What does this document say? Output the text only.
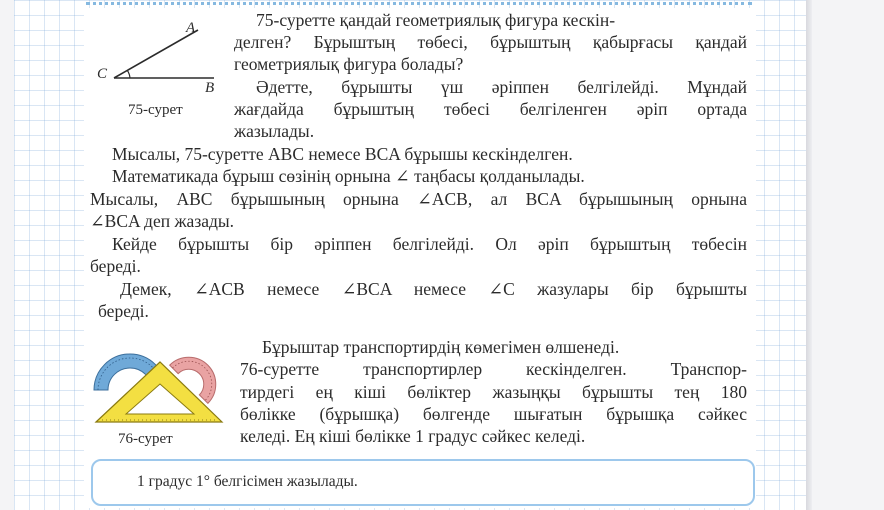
A
C
B
75-сурет
76-сурет
75-суретте қандай геометриялық фигура кескін-
делген? Бұрыштың төбесі, бұрыштың қабырғасы қандай
геометриялық фигура болады?
Әдетте, бұрышты үш әріппен белгілейді. Мұндай
жағдайда бұрыштың төбесі белгіленген әріп ортада
жазылады.
Мысалы, 75-суретте ABC немесе BCA бұрышы кескінделген.
Математикада бұрыш сөзінің орнына ∠ таңбасы қолданылады.
Мысалы, ABC бұрышының орнына ∠ACB, ал BCA бұрышының орнына
∠BCA деп жазады.
Кейде бұрышты бір әріппен белгілейді. Ол әріп бұрыштың төбесін
береді.
Демек, ∠ACB немесе ∠BCA немесе ∠C жазулары бір бұрышты
береді.
Бұрыштар транспортирдің көмегімен өлшенеді.
76-суретте транспортирлер кескінделген. Транспор-
тирдегі ең кіші бөліктер жазыңқы бұрышты тең 180
бөлікке (бұрышқа) бөлгенде шығатын бұрышқа сәйкес
келеді. Ең кіші бөлікке 1 градус сәйкес келеді.
1 градус 1° белгісімен жазылады.
